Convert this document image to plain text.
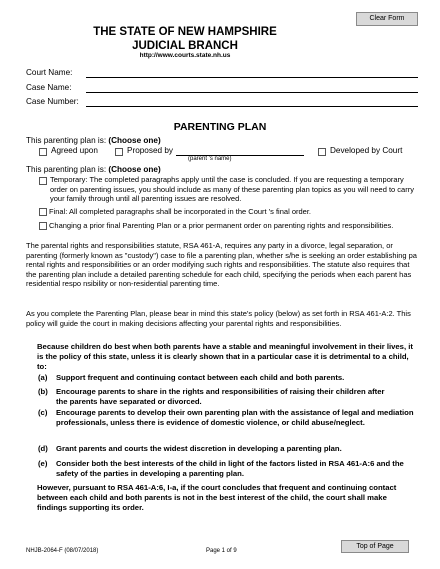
Clear Form
THE STATE OF NEW HAMPSHIRE
JUDICIAL BRANCH
http://www.courts.state.nh.us
Court Name:
Case Name:
Case Number:
PARENTING PLAN
This parenting plan is: (Choose one)
Agreed upon	Proposed by
(parent 's name)
Developed by Court
This parenting plan is: (Choose one)

Temporary: The completed paragraphs apply until the case is concluded. If you are requesting a temporary order on parenting issues, you should include as many of these parenting plan topics as you will need to carry your family through until all parenting issues are resolved.

Final: All completed paragraphs shall be incorporated in the Court 's final order.

Changing a prior final Parenting Plan or a prior permanent order on parenting rights and responsibilities.

The parental rights and responsibilities statute, RSA 461-A, requires any party in a divorce, legal separation, or parenting (formerly known as "custody") case to file a parenting plan, whether s/he is seeking an order establishing pa rental rights and responsibilities or an order modifying such rights and responsibilities. The statute also requires that the parenting plan include a detailed parenting schedule for each child, specifying the periods when each parent has residential respo nsibility or non-residential parenting time.

As you complete the Parenting Plan, please bear in mind this state's policy (below) as set forth in RSA 461-A:2. This policy will guide the court in making decisions affecting your parental rights and responsibilities.

Because children do best when both parents have a stable and meaningful involvement in their lives, it is the policy of this state, unless it is clearly shown that in a particular case it is detrimental to a child, to:

(a) Support frequent and continuing contact between each child and both parents.

(b) Encourage parents to share in the rights and responsibilities of raising their children after the parents have separated or divorced.

(c) Encourage parents to develop their own parenting plan with the assistance of legal and mediation professionals, unless there is evidence of domestic violence, or child abuse/neglect.

(d) Grant parents and courts the widest discretion in developing a parenting plan.

(e) Consider both the best interests of the child in light of the factors listed in RSA 461-A:6 and the safety of the parties in developing a parenting plan.

However, pursuant to RSA 461-A:6, I-a, if the court concludes that frequent and continuing contact between each child and both parents is not in the best interest of the child, the court shall make findings supporting its order.

NHJB-2064-F (08/07/2018)	Page 1 of 9
Top of Page
